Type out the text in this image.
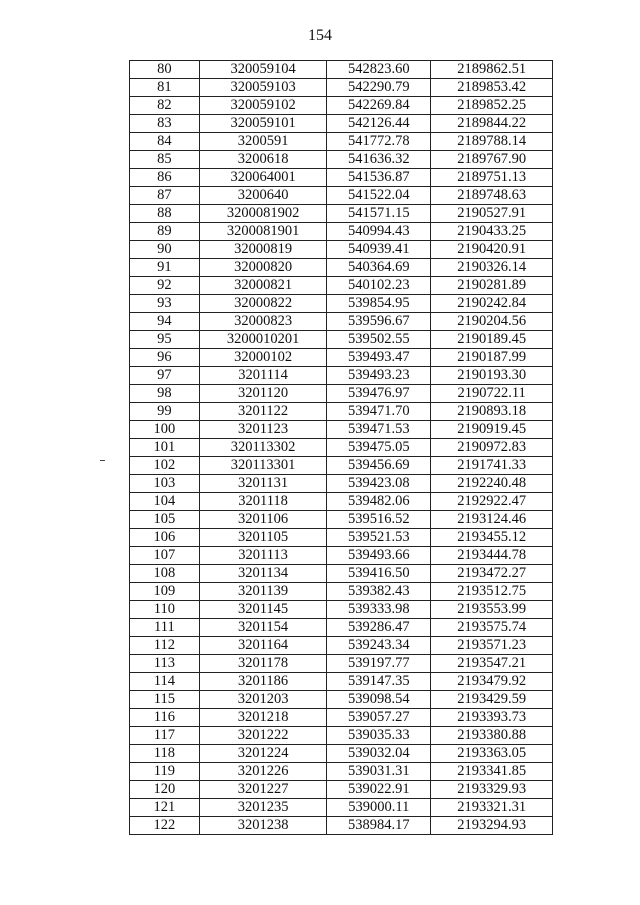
154
80	320059104	542823.60	2189862.51
81	320059103	542290.79	2189853.42
82	320059102	542269.84	2189852.25
83	320059101	542126.44	2189844.22
84	3200591	541772.78	2189788.14
85	3200618	541636.32	2189767.90
86	320064001	541536.87	2189751.13
87	3200640	541522.04	2189748.63
88	3200081902	541571.15	2190527.91
89	3200081901	540994.43	2190433.25
90	32000819	540939.41	2190420.91
91	32000820	540364.69	2190326.14
92	32000821	540102.23	2190281.89
93	32000822	539854.95	2190242.84
94	32000823	539596.67	2190204.56
95	3200010201	539502.55	2190189.45
96	32000102	539493.47	2190187.99
97	3201114	539493.23	2190193.30
98	3201120	539476.97	2190722.11
99	3201122	539471.70	2190893.18
100	3201123	539471.53	2190919.45
101	320113302	539475.05	2190972.83
102	320113301	539456.69	2191741.33
103	3201131	539423.08	2192240.48
104	3201118	539482.06	2192922.47
105	3201106	539516.52	2193124.46
106	3201105	539521.53	2193455.12
107	3201113	539493.66	2193444.78
108	3201134	539416.50	2193472.27
109	3201139	539382.43	2193512.75
110	3201145	539333.98	2193553.99
111	3201154	539286.47	2193575.74
112	3201164	539243.34	2193571.23
113	3201178	539197.77	2193547.21
114	3201186	539147.35	2193479.92
115	3201203	539098.54	2193429.59
116	3201218	539057.27	2193393.73
117	3201222	539035.33	2193380.88
118	3201224	539032.04	2193363.05
119	3201226	539031.31	2193341.85
120	3201227	539022.91	2193329.93
121	3201235	539000.11	2193321.31
122	3201238	538984.17	2193294.93
